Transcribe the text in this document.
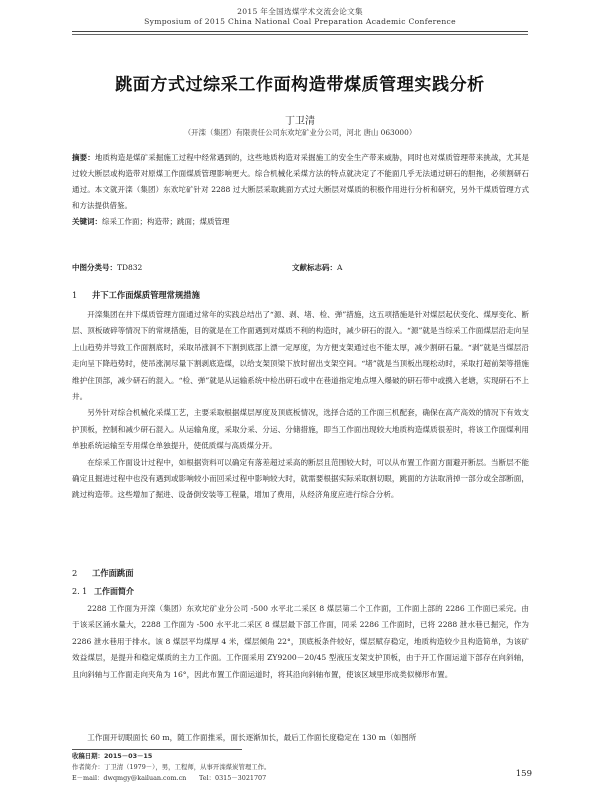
2015 年全国选煤学术交流会论文集
Symposium of 2015 China National Coal Preparation Academic Conference
跳面方式过综采工作面构造带煤质管理实践分析
丁卫清
（开滦（集团）有限责任公司东欢坨矿业分公司，河北 唐山 063000）

摘要：地质构造是煤矿采掘施工过程中经常遇到的，这些地质构造对采掘施工的安全生产带来威胁，同时也对煤质管理带来挑战，尤其是过较大断层或构造带对原煤工作面煤质管理影响更大。综合机械化采煤方法的特点就决定了不能面几乎无法通过研石的胆拖，必须割研石通过。本文就开滦（集团）东欢坨矿针对 2288 过大断层采取跳面方式过大断层对煤质的积极作用进行分析和研究，另外干煤质管理方式和方法提供借鉴。

关键词：综采工作面；构造带；跳面；煤质管理
中图分类号：TD832	文献标志码：A
1 井下工作面煤质管理常规措施

开滦集团在井下煤质管理方面通过常年的实践总结出了“源、剥、堵、检、弹”措施，这五项措施是针对煤层起伏变化、煤厚变化、断层、顶板破碎等情况下的常规措施，目的就是在工作面遇到对煤质不利的构造时，减少研石的混入。“源”就是当综采工作面煤层沿走向呈上山趋势并导致工作面割底时，采取吊涨洞不下割到底部上漂一定厚度，为方便支架通过也不能太厚，减少割研石量。“剥”就是当煤层沿走向呈下降趋势时，使吊涨洞尽量下割剥底造煤，以给支架顶梁下放时留出支架空间。“堵”就是当顶板出现松动时，采取打超前架等措施维护住顶部，减少研石的混入。“检、弹”就是从运输系统中检出研石或中在巷道指定地点埋入爆破的研石带中或携入老塘，实现研石不上井。

另外针对综合机械化采煤工艺，主要采取根据煤层厚度及顶底板情况，选择合适的工作面三机配套，确保在高产高效的情况下有效支护顶板，控制和减少研石混入。从运输角度，采取分采、分运、分储措施，即当工作面出现较大地质构造煤质很差时，将该工作面煤利用单独系统运输至专用煤仓单独提升，使低质煤与高质煤分开。

在综采工作面设计过程中，如根据资料可以确定有落差超过采高的断层且范围较大时，可以从布置工作面方面避开断层。当断层不能确定且掘进过程中也没有遇到或影响较小而回采过程中影响较大时，就需要根据实际采取割切眼，跳面的方法取消掉一部分或全部断面，跳过构造带。这些增加了掘进、设备倒安装等工程量，增加了费用，从经济角度应进行综合分析。

2 工作面跳面
2. 1 工作面简介

2288 工作面为开滦（集团）东欢坨矿业分公司 -500 水平北二采区 8 煤层第二个工作面，工作面上部的 2286 工作面已采完。由于该采区涌水量大，2288 工作面为 -500 水平北二采区 8 煤层最下部工作面，同采 2286 工作面时，已将 2288 泄水巷已掘完，作为 2286 泄水巷用于排水。该 8 煤层平均煤厚 4 米，煤层倾角 22°，顶底板条件较好，煤层赋存稳定，地质构造较少且构造简单，为该矿效益煤层，是提升和稳定煤质的主力工作面。工作面采用 ZY9200－20/45 型液压支架支护顶板，由于开工作面运道下部存在向斜轴，且向斜轴与工作面走向夹角为 16°，因此布置工作面运道时，将其沿向斜轴布置，使该区域里形成类似梯形布置。

工作面开切眼面长 60 m，随工作面推采，面长逐渐加长，最后工作面长度稳定在 130 m（如图所

收稿日期：2015－03－15
作者简介：丁卫清（1979－），男，工程师，从事开滦煤炭管理工作。
E－mail：dwqmgy@kailuan.com.cn　　Tel：0315－3021707	159
